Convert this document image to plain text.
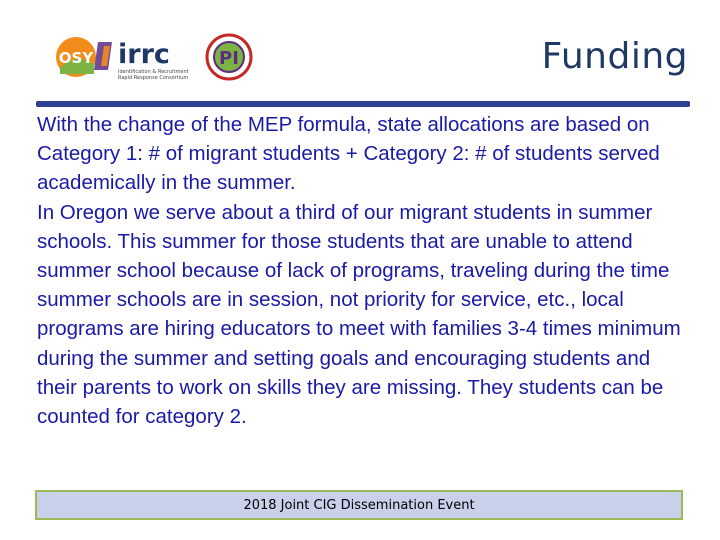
OSY irrc
Identification & Recruitment
Rapid Response Consortium
PI	Funding

With the change of the MEP formula, state allocations are based on Category 1: # of migrant students + Category 2: # of students served academically in the summer.

In Oregon we serve about a third of our migrant students in summer schools. This summer for those students that are unable to attend summer school because of lack of programs, traveling during the time summer schools are in session, not priority for service, etc., local programs are hiring educators to meet with families 3-4 times minimum during the summer and setting goals and encouraging students and their parents to work on skills they are missing. They students can be counted for category 2.

2018 Joint CIG Dissemination Event
